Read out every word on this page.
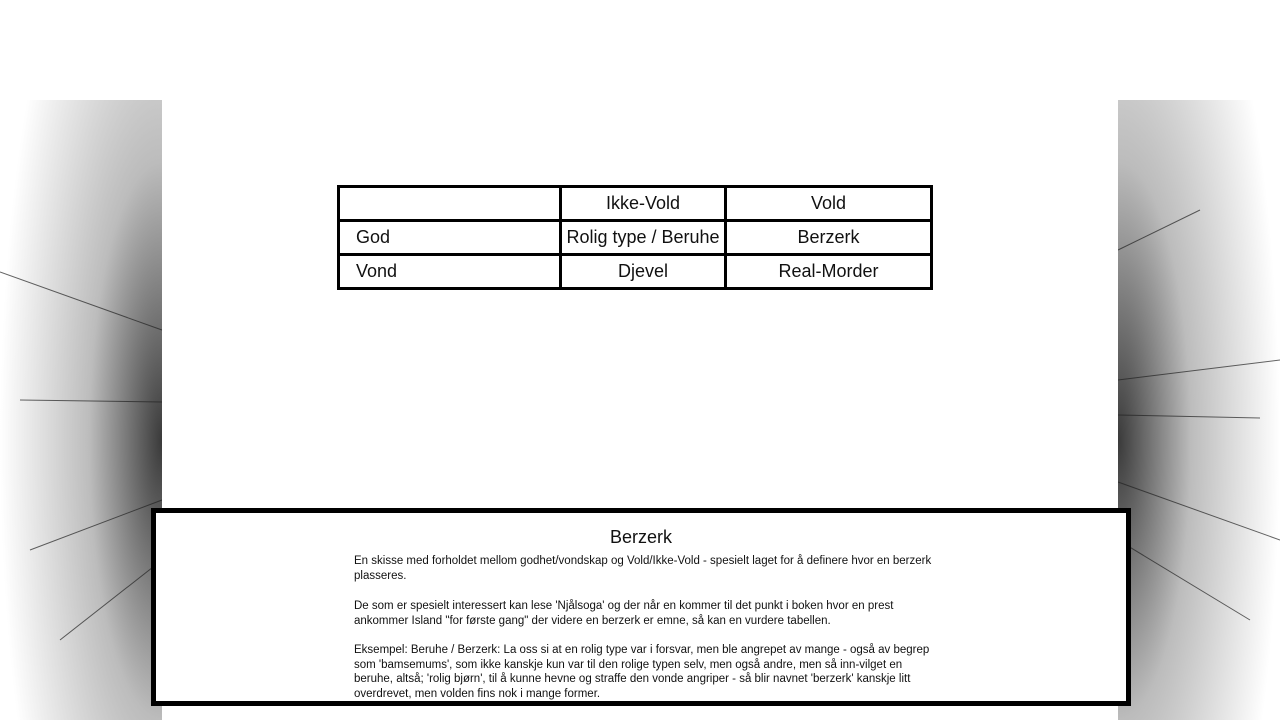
	Ikke-Vold	Vold
God	Rolig type / Beruhe	Berzerk
Vond	Djevel	Real-Morder
Berzerk

En skisse med forholdet mellom godhet/vondskap og Vold/Ikke-Vold - spesielt laget for å definere hvor en berzerk plasseres.

De som er spesielt interessert kan lese 'Njålsoga' og der når en kommer til det punkt i boken hvor en prest ankommer Island "for første gang" der videre en berzerk er emne, så kan en vurdere tabellen.

Eksempel: Beruhe / Berzerk: La oss si at en rolig type var i forsvar, men ble angrepet av mange - også av begrep som 'bamsemums', som ikke kanskje kun var til den rolige typen selv, men også andre, men så inn-vilget en beruhe, altså; 'rolig bjørn', til å kunne hevne og straffe den vonde angriper - så blir navnet 'berzerk' kanskje litt overdrevet, men volden fins nok i mange former.
